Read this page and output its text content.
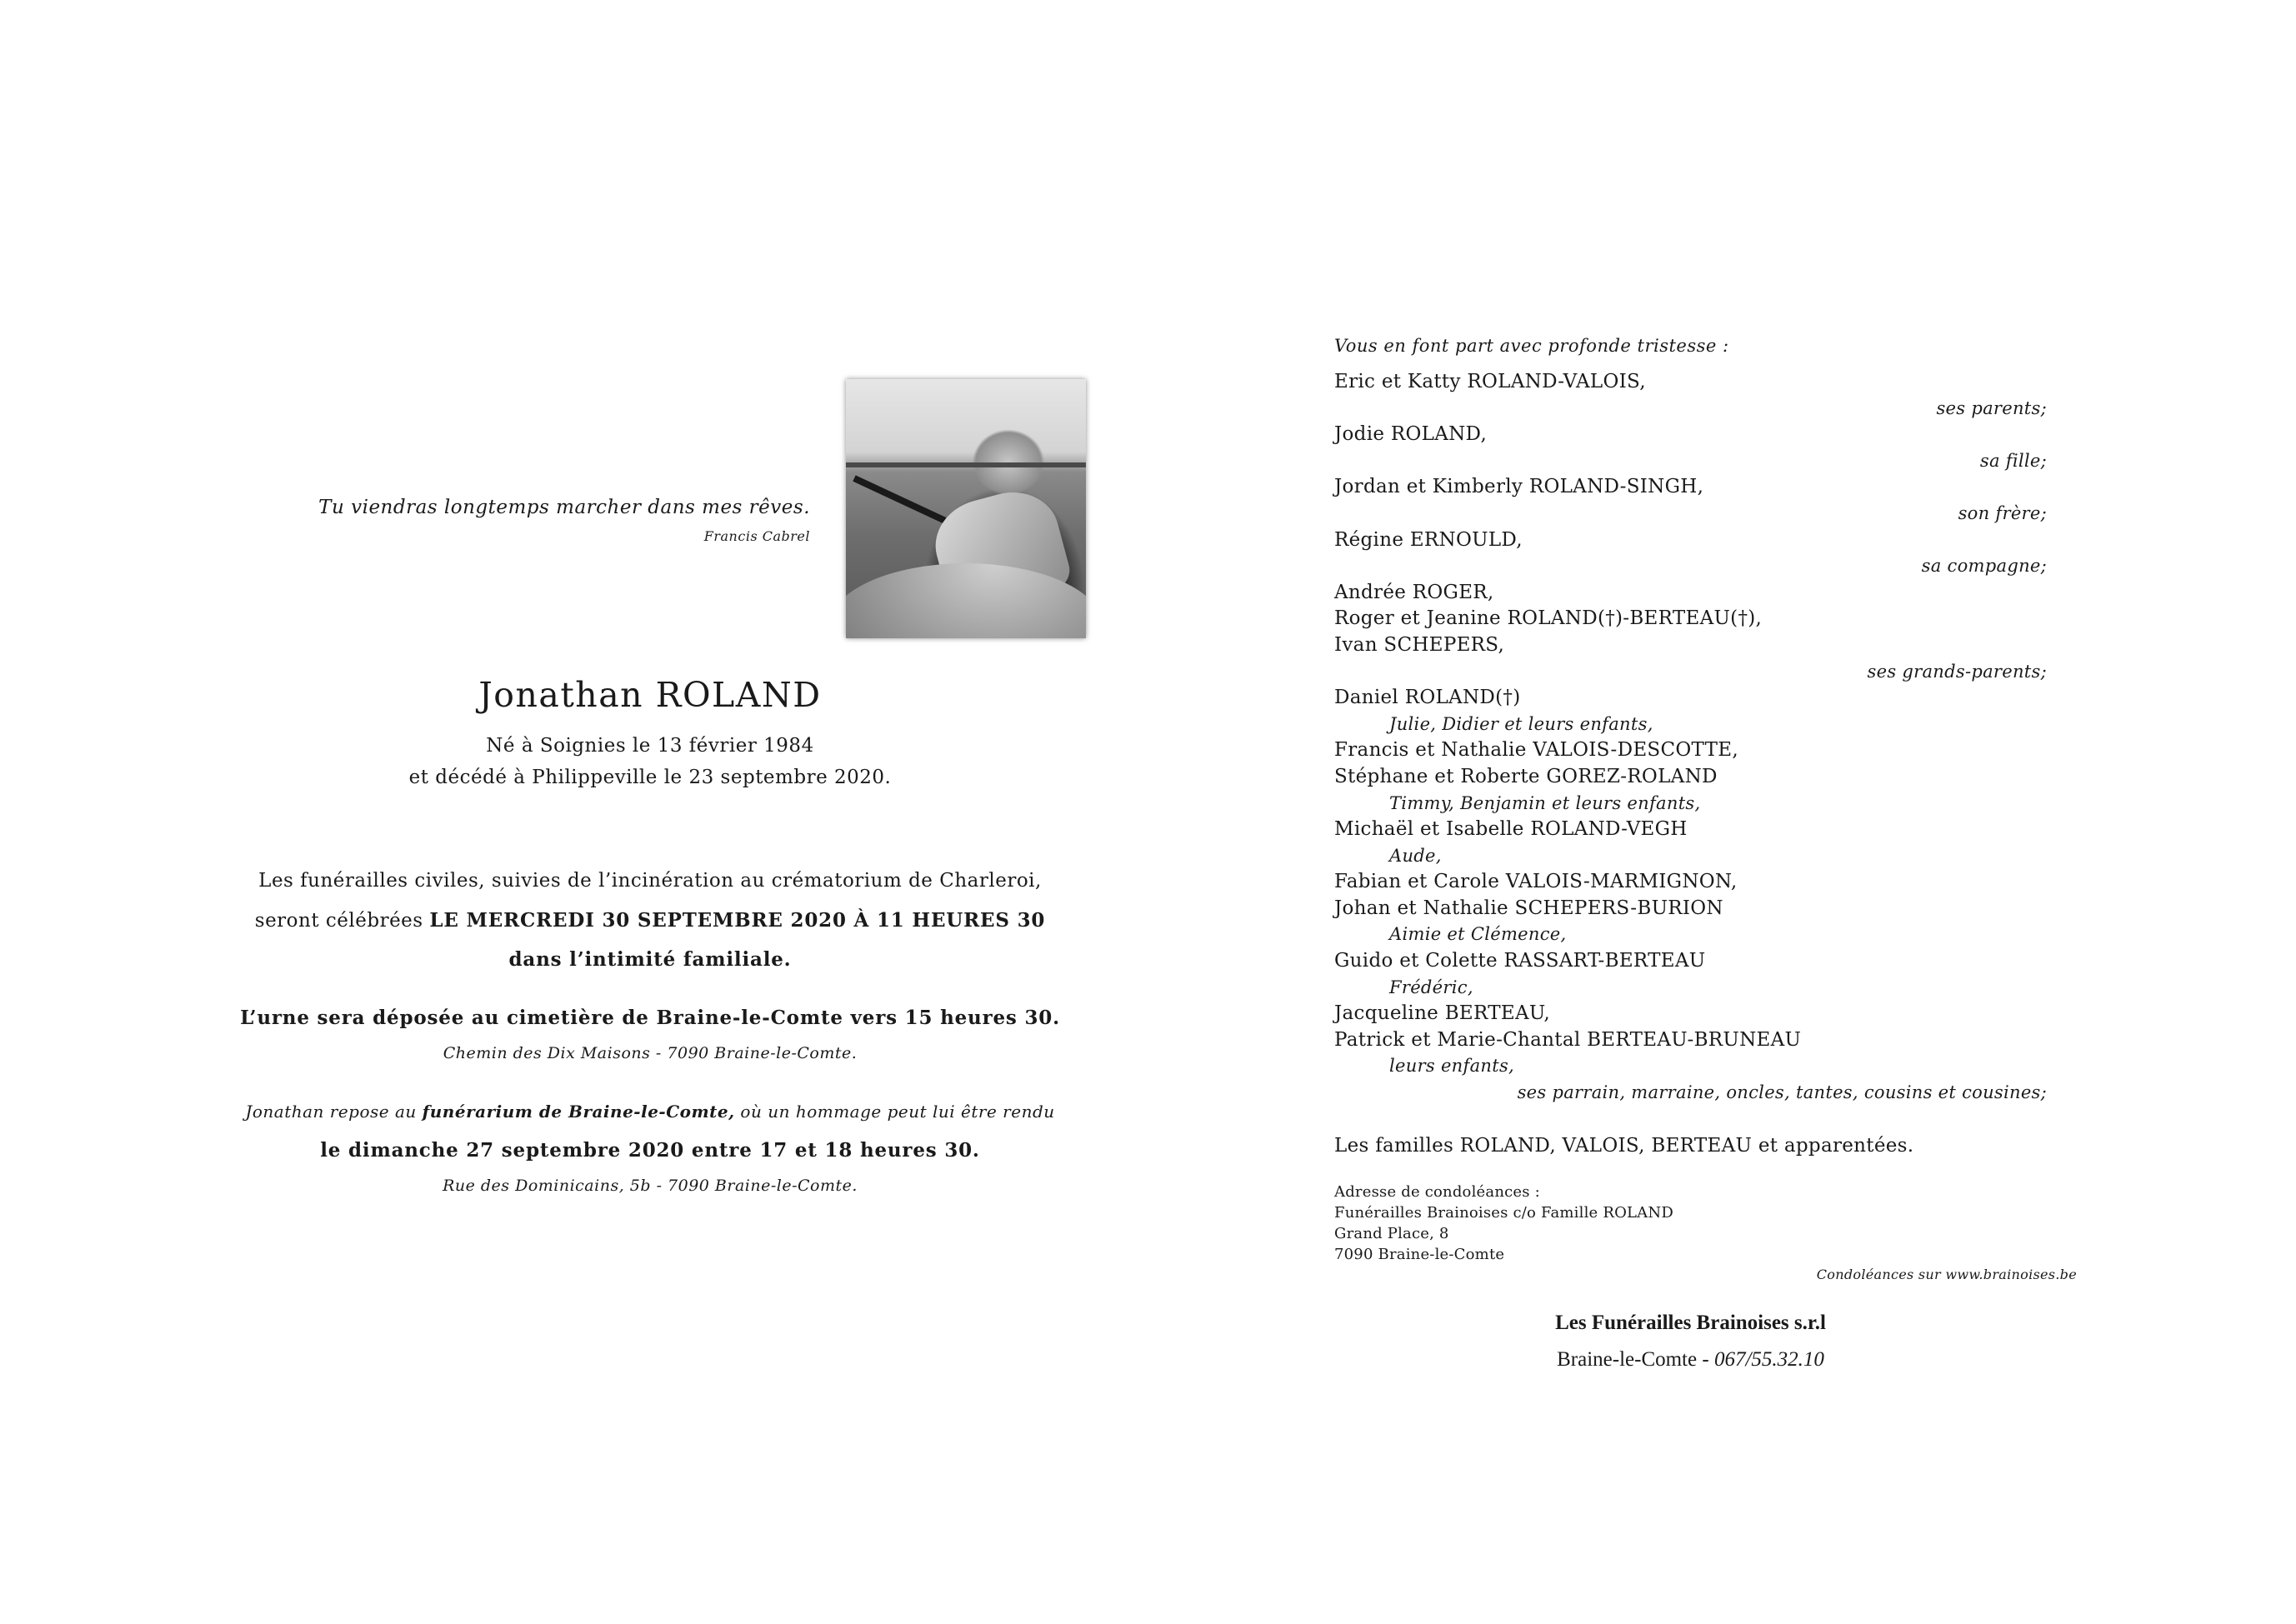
Tu viendras longtemps marcher dans mes rêves.

Francis Cabrel

Jonathan ROLAND

Né à Soignies le 13 février 1984

et décédé à Philippeville le 23 septembre 2020.

Les funérailles civiles, suivies de l’incinération au crématorium de Charleroi,

seront célébrées LE MERCREDI 30 SEPTEMBRE 2020 À 11 HEURES 30

dans l’intimité familiale.

L’urne sera déposée au cimetière de Braine-le-Comte vers 15 heures 30.

Chemin des Dix Maisons - 7090 Braine-le-Comte.

Jonathan repose au funérarium de Braine-le-Comte, où un hommage peut lui être rendu

le dimanche 27 septembre 2020 entre 17 et 18 heures 30.

Rue des Dominicains, 5b - 7090 Braine-le-Comte.

Vous en font part avec profonde tristesse :

Eric et Katty ROLAND-VALOIS,
ses parents;
Jodie ROLAND,
sa fille;
Jordan et Kimberly ROLAND-SINGH,
son frère;
Régine ERNOULD,
sa compagne;
Andrée ROGER,
Roger et Jeanine ROLAND(†)-BERTEAU(†),
Ivan SCHEPERS,
ses grands-parents;
Daniel ROLAND(†)
Julie, Didier et leurs enfants,
Francis et Nathalie VALOIS-DESCOTTE,
Stéphane et Roberte GOREZ-ROLAND
Timmy, Benjamin et leurs enfants,
Michaël et Isabelle ROLAND-VEGH
Aude,
Fabian et Carole VALOIS-MARMIGNON,
Johan et Nathalie SCHEPERS-BURION
Aimie et Clémence,
Guido et Colette RASSART-BERTEAU
Frédéric,
Jacqueline BERTEAU,
Patrick et Marie-Chantal BERTEAU-BRUNEAU
leurs enfants,
ses parrain, marraine, oncles, tantes, cousins et cousines;

Les familles ROLAND, VALOIS, BERTEAU et apparentées.

Adresse de condoléances :

Funérailles Brainoises c/o Famille ROLAND

Grand Place, 8

7090 Braine-le-Comte

Condoléances sur www.brainoises.be

Les Funérailles Brainoises s.r.l

Braine-le-Comte - 067/55.32.10
